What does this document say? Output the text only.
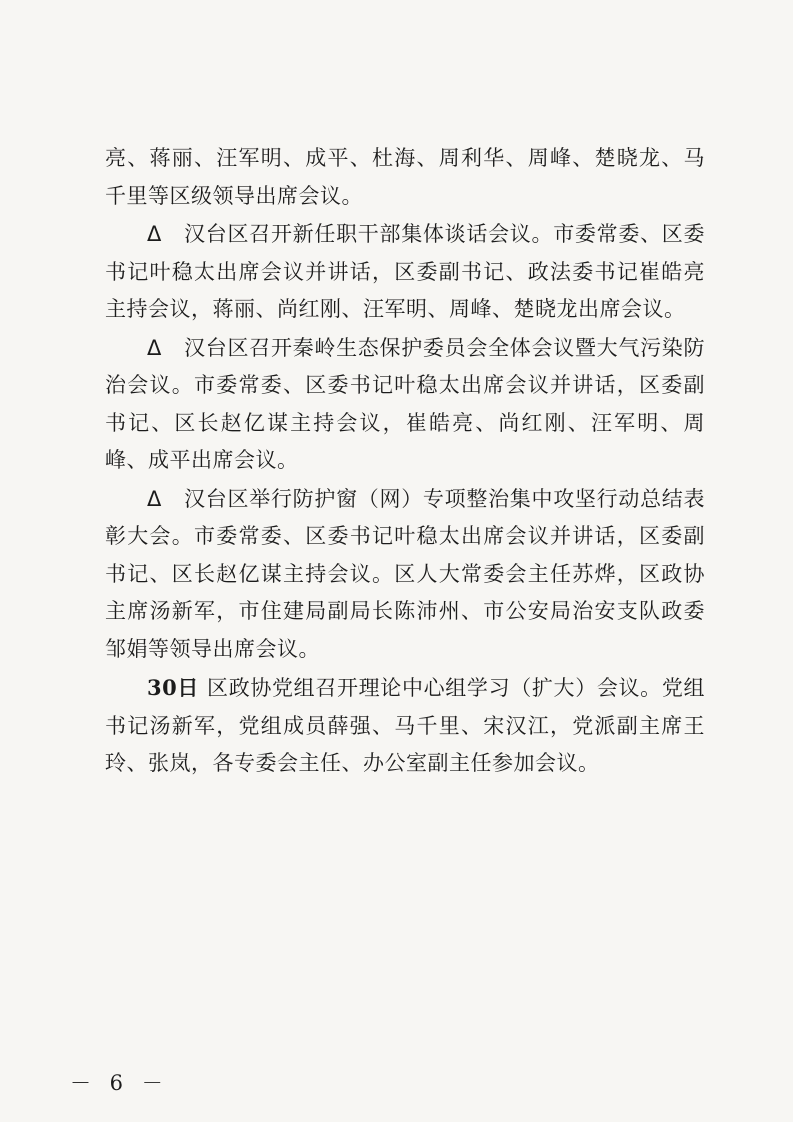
亮、蒋丽、汪军明、成平、杜海、周利华、周峰、楚晓龙、马千里等区级领导出席会议。

Δ 汉台区召开新任职干部集体谈话会议。市委常委、区委书记叶稳太出席会议并讲话，区委副书记、政法委书记崔皓亮主持会议，蒋丽、尚红刚、汪军明、周峰、楚晓龙出席会议。

Δ 汉台区召开秦岭生态保护委员会全体会议暨大气污染防治会议。市委常委、区委书记叶稳太出席会议并讲话，区委副书记、区长赵亿谋主持会议，崔皓亮、尚红刚、汪军明、周峰、成平出席会议。

Δ 汉台区举行防护窗（网）专项整治集中攻坚行动总结表彰大会。市委常委、区委书记叶稳太出席会议并讲话，区委副书记、区长赵亿谋主持会议。区人大常委会主任苏烨，区政协主席汤新军，市住建局副局长陈沛州、市公安局治安支队政委邹娟等领导出席会议。

30日 区政协党组召开理论中心组学习（扩大）会议。党组书记汤新军，党组成员薛强、马千里、宋汉江，党派副主席王玲、张岚，各专委会主任、办公室副主任参加会议。

－ 6 －
